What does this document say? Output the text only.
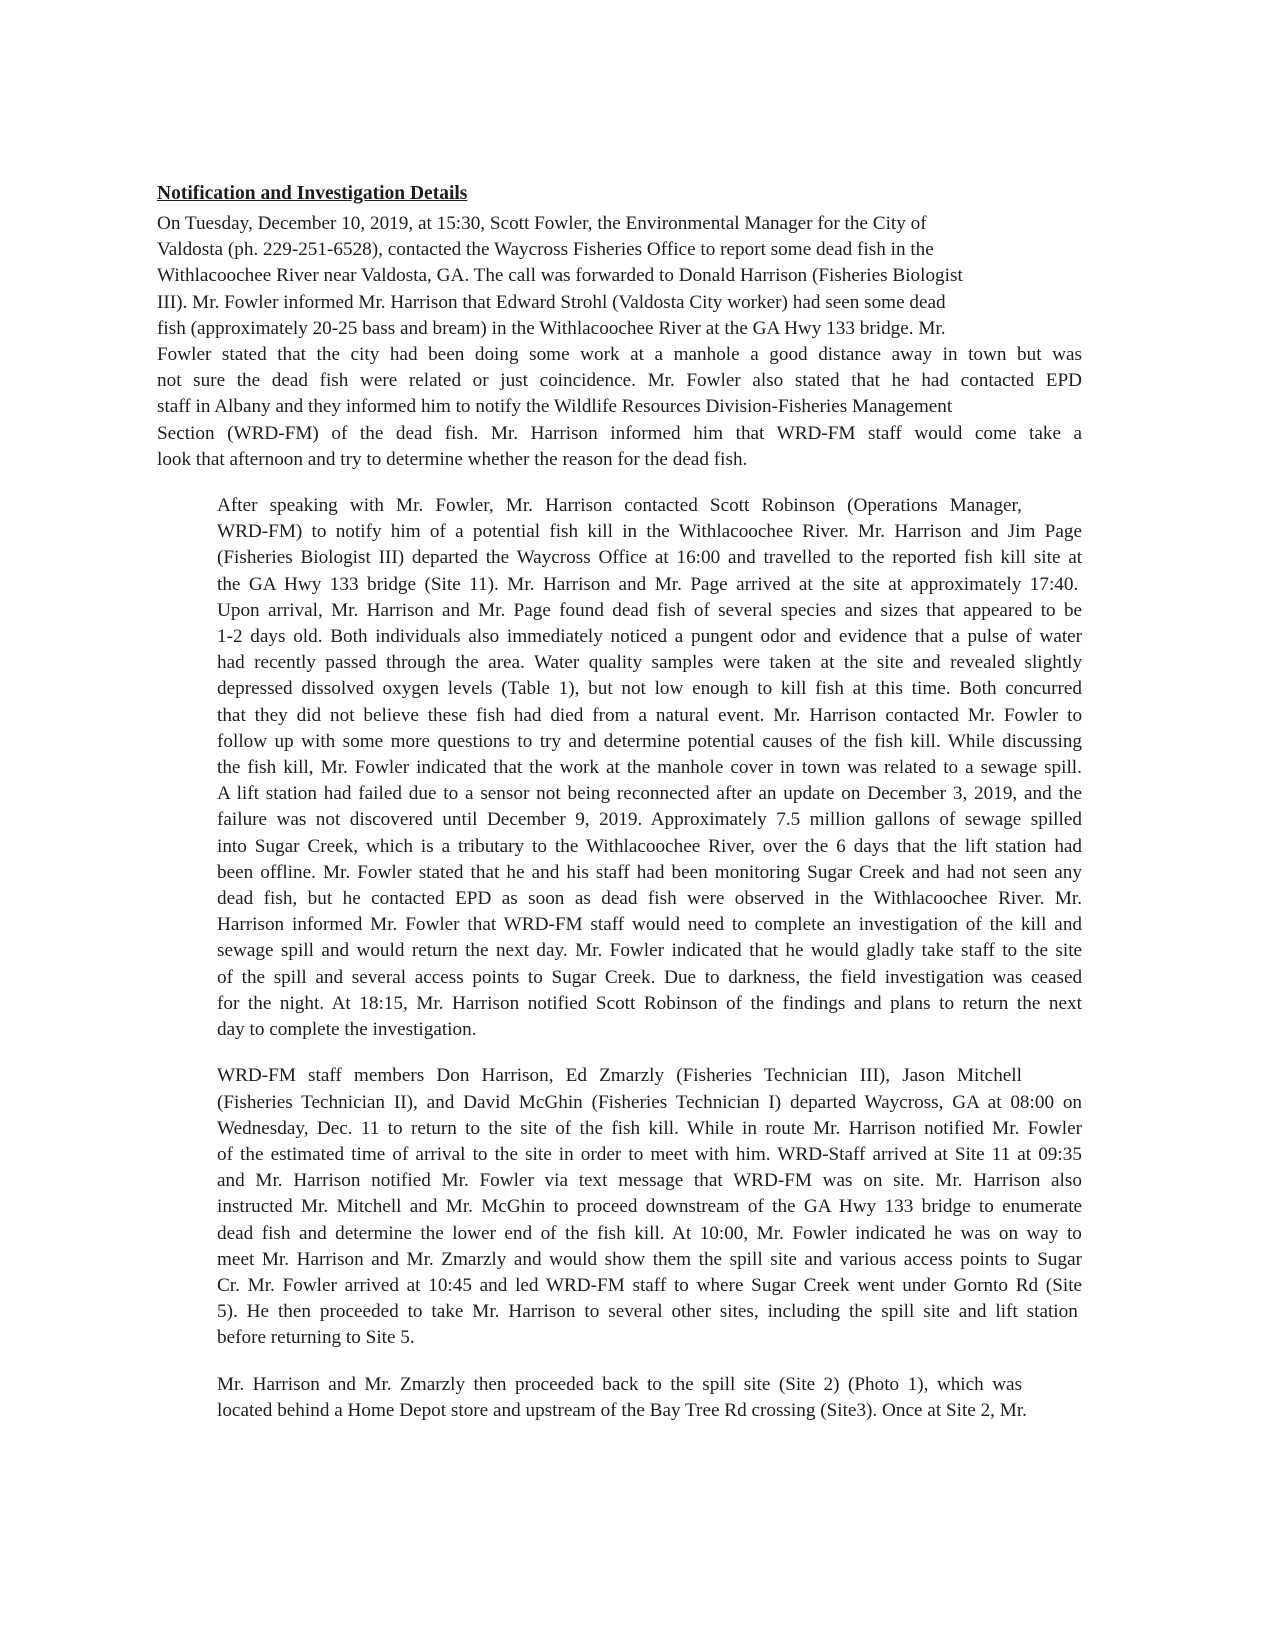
Notification and Investigation Details
On Tuesday, December 10, 2019, at 15:30, Scott Fowler, the Environmental Manager for the City of
Valdosta (ph. 229-251-6528), contacted the Waycross Fisheries Office to report some dead fish in the
Withlacoochee River near Valdosta, GA. The call was forwarded to Donald Harrison (Fisheries Biologist
III). Mr. Fowler informed Mr. Harrison that Edward Strohl (Valdosta City worker) had seen some dead
fish (approximately 20-25 bass and bream) in the Withlacoochee River at the GA Hwy 133 bridge. Mr.
Fowler stated that the city had been doing some work at a manhole a good distance away in town but was
not sure the dead fish were related or just coincidence. Mr. Fowler also stated that he had contacted EPD
staff in Albany and they informed him to notify the Wildlife Resources Division-Fisheries Management
Section (WRD-FM) of the dead fish. Mr. Harrison informed him that WRD-FM staff would come take a
look that afternoon and try to determine whether the reason for the dead fish.
After speaking with Mr. Fowler, Mr. Harrison contacted Scott Robinson (Operations Manager,
WRD-FM) to notify him of a potential fish kill in the Withlacoochee River. Mr. Harrison and Jim Page
(Fisheries Biologist III) departed the Waycross Office at 16:00 and travelled to the reported fish kill site at
the GA Hwy 133 bridge (Site 11). Mr. Harrison and Mr. Page arrived at the site at approximately 17:40.
Upon arrival, Mr. Harrison and Mr. Page found dead fish of several species and sizes that appeared to be
1-2 days old. Both individuals also immediately noticed a pungent odor and evidence that a pulse of water
had recently passed through the area. Water quality samples were taken at the site and revealed slightly
depressed dissolved oxygen levels (Table 1), but not low enough to kill fish at this time. Both concurred
that they did not believe these fish had died from a natural event. Mr. Harrison contacted Mr. Fowler to
follow up with some more questions to try and determine potential causes of the fish kill. While discussing
the fish kill, Mr. Fowler indicated that the work at the manhole cover in town was related to a sewage spill.
A lift station had failed due to a sensor not being reconnected after an update on December 3, 2019, and the
failure was not discovered until December 9, 2019. Approximately 7.5 million gallons of sewage spilled
into Sugar Creek, which is a tributary to the Withlacoochee River, over the 6 days that the lift station had
been offline. Mr. Fowler stated that he and his staff had been monitoring Sugar Creek and had not seen any
dead fish, but he contacted EPD as soon as dead fish were observed in the Withlacoochee River. Mr.
Harrison informed Mr. Fowler that WRD-FM staff would need to complete an investigation of the kill and
sewage spill and would return the next day. Mr. Fowler indicated that he would gladly take staff to the site
of the spill and several access points to Sugar Creek. Due to darkness, the field investigation was ceased
for the night. At 18:15, Mr. Harrison notified Scott Robinson of the findings and plans to return the next
day to complete the investigation.
WRD-FM staff members Don Harrison, Ed Zmarzly (Fisheries Technician III), Jason Mitchell
(Fisheries Technician II), and David McGhin (Fisheries Technician I) departed Waycross, GA at 08:00 on
Wednesday, Dec. 11 to return to the site of the fish kill. While in route Mr. Harrison notified Mr. Fowler
of the estimated time of arrival to the site in order to meet with him. WRD-Staff arrived at Site 11 at 09:35
and Mr. Harrison notified Mr. Fowler via text message that WRD-FM was on site. Mr. Harrison also
instructed Mr. Mitchell and Mr. McGhin to proceed downstream of the GA Hwy 133 bridge to enumerate
dead fish and determine the lower end of the fish kill. At 10:00, Mr. Fowler indicated he was on way to
meet Mr. Harrison and Mr. Zmarzly and would show them the spill site and various access points to Sugar
Cr. Mr. Fowler arrived at 10:45 and led WRD-FM staff to where Sugar Creek went under Gornto Rd (Site
5). He then proceeded to take Mr. Harrison to several other sites, including the spill site and lift station
before returning to Site 5.
Mr. Harrison and Mr. Zmarzly then proceeded back to the spill site (Site 2) (Photo 1), which was
located behind a Home Depot store and upstream of the Bay Tree Rd crossing (Site3). Once at Site 2, Mr.
